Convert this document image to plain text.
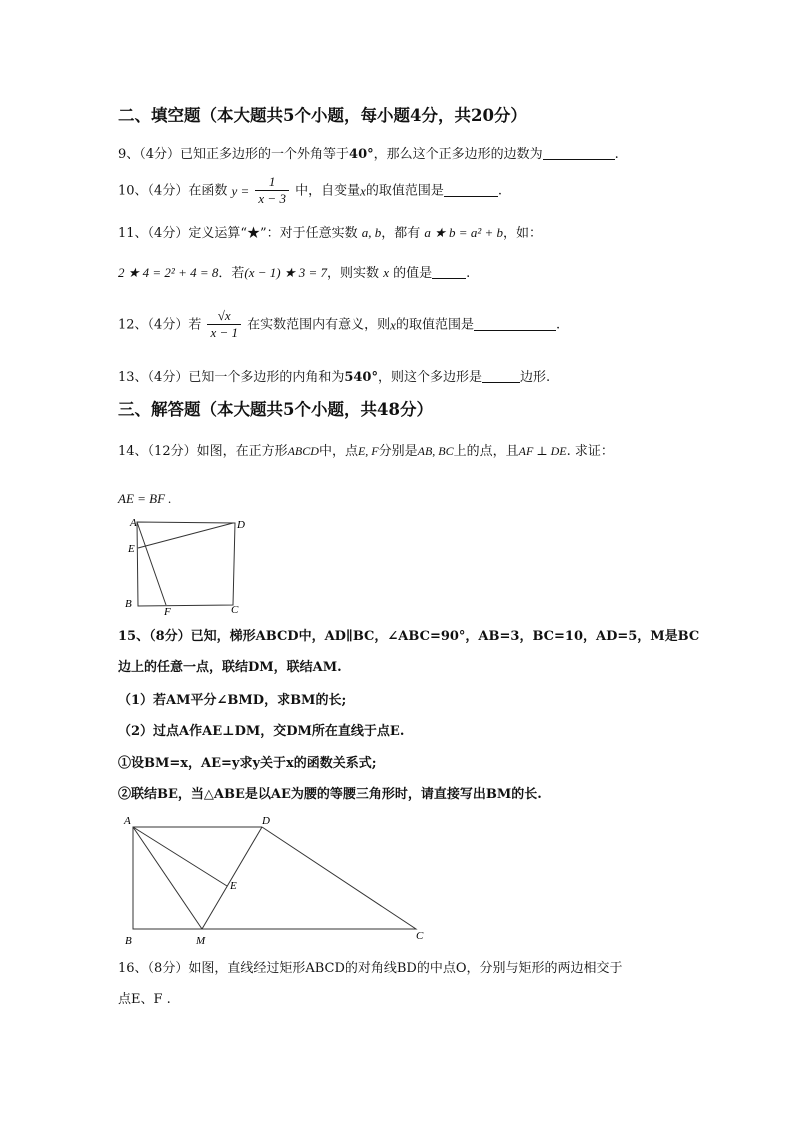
二、填空题（本大题共5个小题，每小题4分，共20分）
9、（4分）已知正多边形的一个外角等于40°，那么这个正多边形的边数为	.
10、（4分）在函数 $y = \frac{1}{x - 3}$ 中，自变量x的取值范围是	.
11、（4分）定义运算“★”：对于任意实数 a, b，都有 a ★ b = a² + b，如：
2 ★ 4 = 2² + 4 = 8．若(x − 1) ★ 3 = 7，则实数 x 的值是	.
12、（4分）若 $\frac{√x}{x - 1}$ 在实数范围内有意义，则x的取值范围是	.
13、（4分）已知一个多边形的内角和为540°，则这个多边形是	边形.
三、解答题（本大题共5个小题，共48分）
14、（12分）如图，在正方形ABCD中，点E, F分别是AB, BC上的点，且AF ⊥ DE. 求证：
AE = BF .
A	D
E
B
F	C
15、（8分）已知，梯形ABCD中，AD∥BC，∠ABC=90°，AB=3，BC=10，AD=5，M是BC
边上的任意一点，联结DM，联结AM.
（1）若AM平分∠BMD，求BM的长;
（2）过点A作AE⊥DM，交DM所在直线于点E.
①设BM=x，AE=y求y关于x的函数关系式;
②联结BE，当△ABE是以AE为腰的等腰三角形时，请直接写出BM的长.
A	D
E
B	M	C
16、（8分）如图，直线经过矩形ABCD的对角线BD的中点O，分别与矩形的两边相交于
点E、F .
